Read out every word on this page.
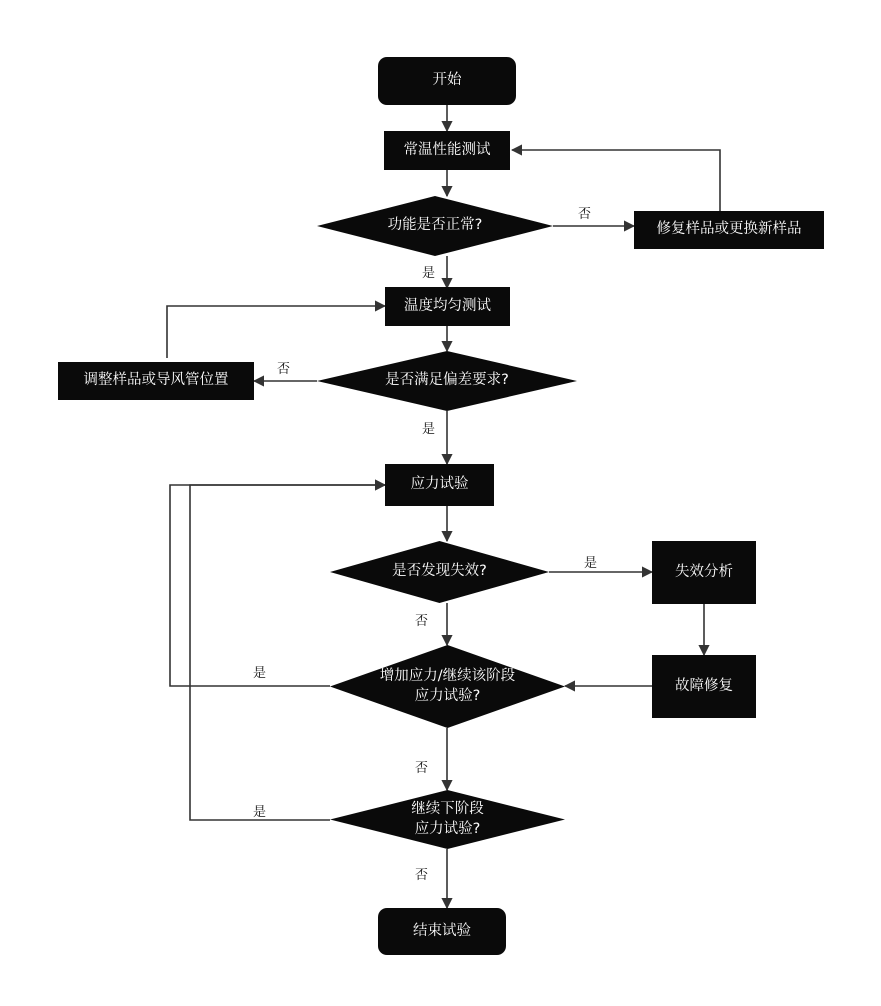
开始
常温性能测试
功能是否正常?	修复样品或更换新样品
温度均匀测试
是否满足偏差要求?
调整样品或导风管位置
应力试验
是否发现失效?	失效分析
增加应力/继续该阶段
应力试验?
故障修复
继续下阶段
应力试验?
结束试验
否
是
否
是
是
否
是
否
是
否
